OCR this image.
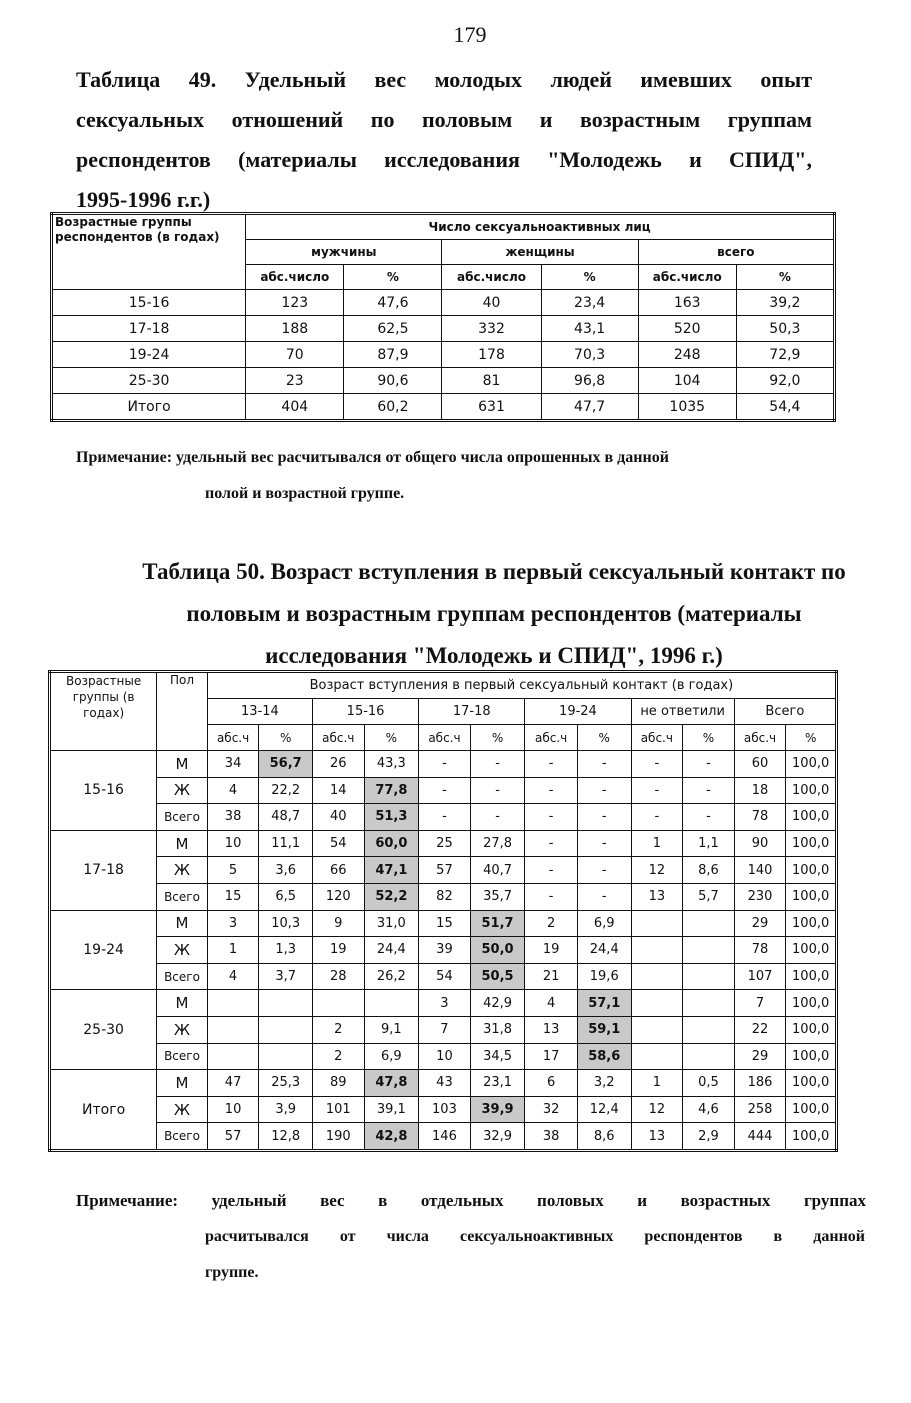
179
Таблица 49. Удельный вес молодых людей имевших опыт
сексуальных отношений по половым и возрастным группам
респондентов (материалы исследования "Молодежь и СПИД",
1995-1996 г.г.)
Возрастные группы респондентов (в годах)	Число сексуальноактивных лиц					
	мужчины		женщины		всего	
	абс.число	%	абс.число	%	абс.число	%
15-16	123	47,6	40	23,4	163	39,2
17-18	188	62,5	332	43,1	520	50,3
19-24	70	87,9	178	70,3	248	72,9
25-30	23	90,6	81	96,8	104	92,0
Итого	404	60,2	631	47,7	1035	54,4
Примечание: удельный вес расчитывался от общего числа опрошенных в данной
полой и возрастной группе.
Таблица 50. Возраст вступления в первый сексуальный контакт по
половым и возрастным группам респондентов (материалы
исследования "Молодежь и СПИД", 1996 г.)
Возрастные группы (в годах)	Пол	Возраст вступления в первый сексуальный контакт (в годах)											
		13-14		15-16		17-18		19-24		не ответили		Всего	
		абс.ч	%	абс.ч	%	абс.ч	%	абс.ч	%	абс.ч	%	абс.ч	%
15-16	М	34	56,7	26	43,3	-	-	-	-	-	-	60	100,0
	Ж	4	22,2	14	77,8	-	-	-	-	-	-	18	100,0
	Всего	38	48,7	40	51,3	-	-	-	-	-	-	78	100,0
17-18	М	10	11,1	54	60,0	25	27,8	-	-	1	1,1	90	100,0
	Ж	5	3,6	66	47,1	57	40,7	-	-	12	8,6	140	100,0
	Всего	15	6,5	120	52,2	82	35,7	-	-	13	5,7	230	100,0
19-24	М	3	10,3	9	31,0	15	51,7	2	6,9			29	100,0
	Ж	1	1,3	19	24,4	39	50,0	19	24,4			78	100,0
	Всего	4	3,7	28	26,2	54	50,5	21	19,6			107	100,0
25-30	М					3	42,9	4	57,1			7	100,0
	Ж			2	9,1	7	31,8	13	59,1			22	100,0
	Всего			2	6,9	10	34,5	17	58,6			29	100,0
Итого	М	47	25,3	89	47,8	43	23,1	6	3,2	1	0,5	186	100,0
	Ж	10	3,9	101	39,1	103	39,9	32	12,4	12	4,6	258	100,0
	Всего	57	12,8	190	42,8	146	32,9	38	8,6	13	2,9	444	100,0
Примечание: удельный вес в отдельных половых и возрастных группах
расчитывался от числа сексуальноактивных респондентов в данной
группе.
